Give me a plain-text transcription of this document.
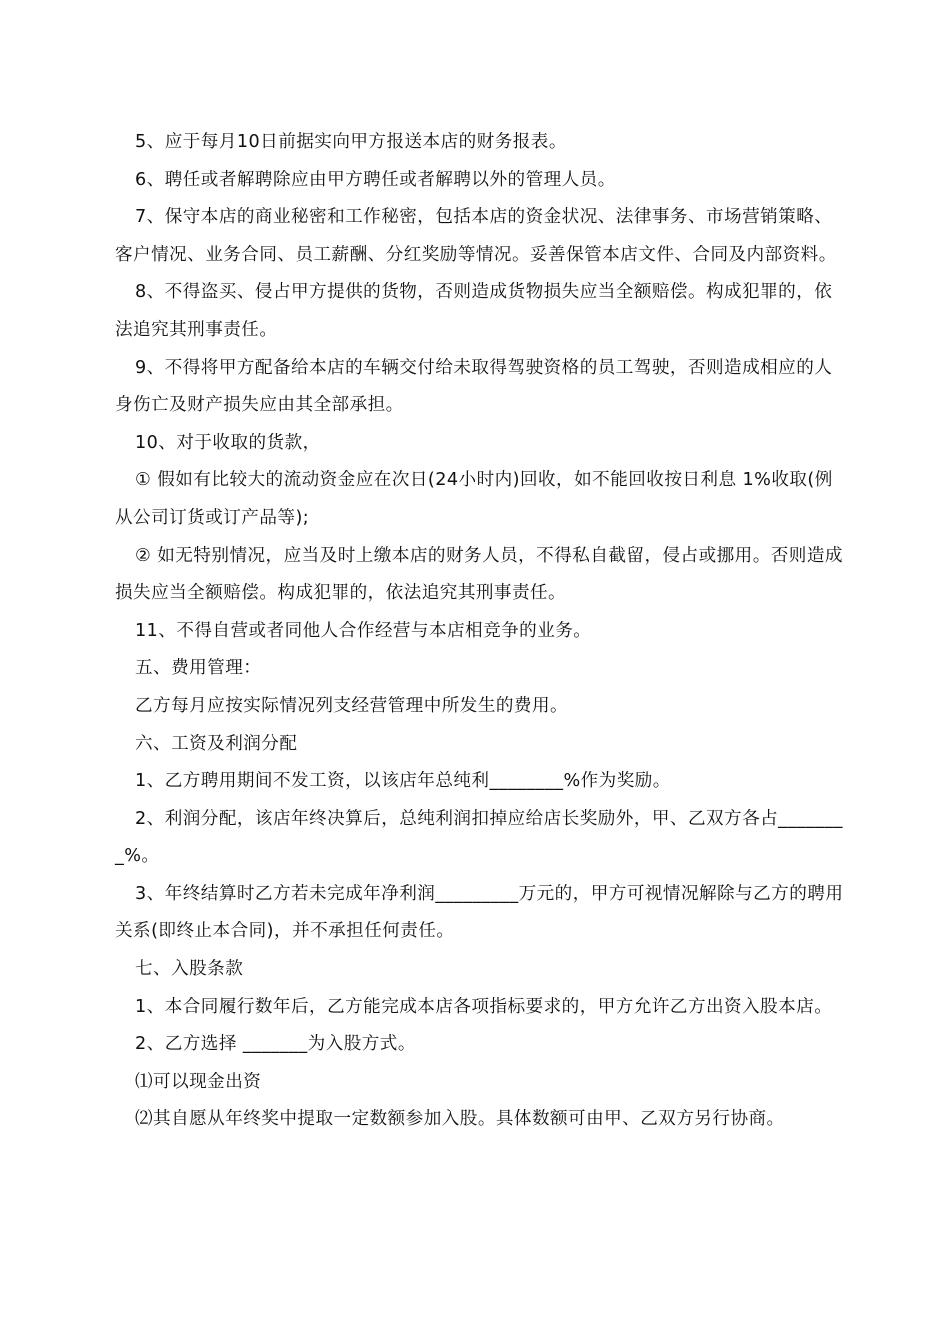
5、应于每月10日前据实向甲方报送本店的财务报表。

6、聘任或者解聘除应由甲方聘任或者解聘以外的管理人员。

7、保守本店的商业秘密和工作秘密，包括本店的资金状况、法律事务、市场营销策略、客户情况、业务合同、员工薪酬、分红奖励等情况。妥善保管本店文件、合同及内部资料。

8、不得盗买、侵占甲方提供的货物，否则造成货物损失应当全额赔偿。构成犯罪的，依法追究其刑事责任。

9、不得将甲方配备给本店的车辆交付给未取得驾驶资格的员工驾驶，否则造成相应的人身伤亡及财产损失应由其全部承担。

10、对于收取的货款，

① 假如有比较大的流动资金应在次日(24小时内)回收，如不能回收按日利息 1%收取(例从公司订货或订产品等);

② 如无特别情况，应当及时上缴本店的财务人员，不得私自截留，侵占或挪用。否则造成损失应当全额赔偿。构成犯罪的，依法追究其刑事责任。

11、不得自营或者同他人合作经营与本店相竞争的业务。

五、费用管理：

乙方每月应按实际情况列支经营管理中所发生的费用。

六、工资及利润分配

1、乙方聘用期间不发工资，以该店年总纯利________%作为奖励。

2、利润分配，该店年终决算后，总纯利润扣掉应给店长奖励外，甲、乙双方各占________%。

3、年终结算时乙方若未完成年净利润_________万元的，甲方可视情况解除与乙方的聘用关系(即终止本合同)，并不承担任何责任。

七、入股条款

1、本合同履行数年后，乙方能完成本店各项指标要求的，甲方允许乙方出资入股本店。

2、乙方选择 _______为入股方式。

⑴可以现金出资

⑵其自愿从年终奖中提取一定数额参加入股。具体数额可由甲、乙双方另行协商。
